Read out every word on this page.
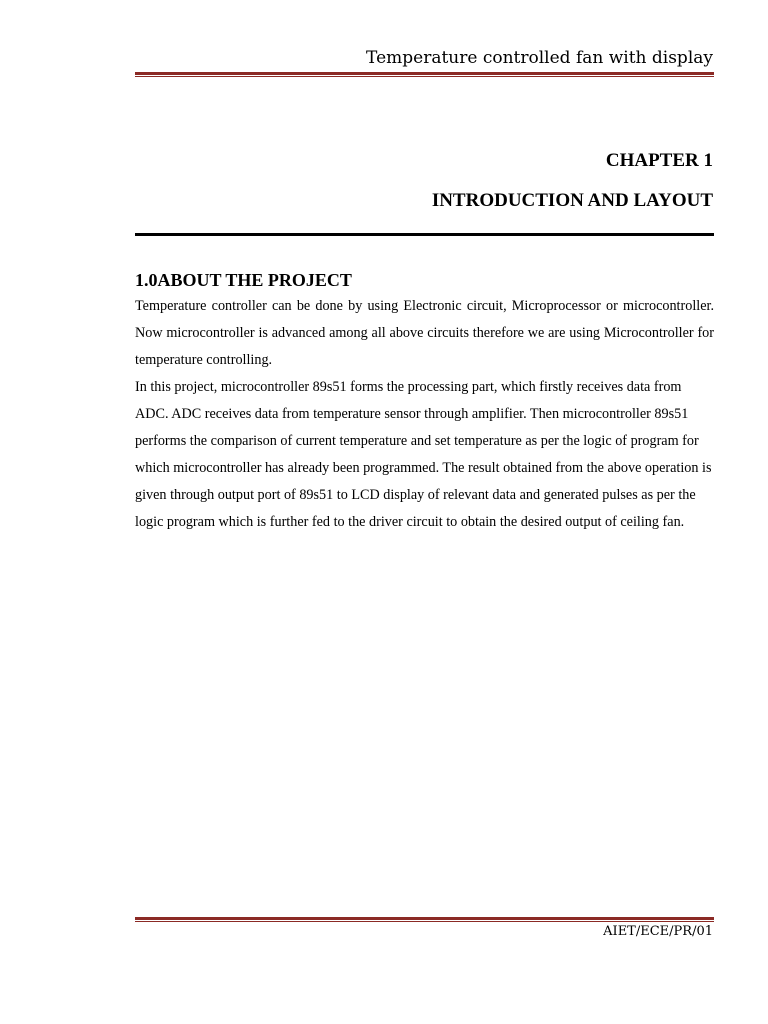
Temperature controlled fan with display
CHAPTER 1
INTRODUCTION AND LAYOUT
1.0ABOUT THE PROJECT

Temperature controller can be done by using Electronic circuit, Microprocessor or microcontroller. Now microcontroller is advanced among all above circuits therefore we are using Microcontroller for temperature controlling.

In this project, microcontroller 89s51 forms the processing part, which firstly receives data from ADC. ADC receives data from temperature sensor through amplifier. Then microcontroller 89s51 performs the comparison of current temperature and set temperature as per the logic of program for which microcontroller has already been programmed. The result obtained from the above operation is given through output port of 89s51 to LCD display of relevant data and generated pulses as per the logic program which is further fed to the driver circuit to obtain the desired output of ceiling fan.

AIET/ECE/PR/01
